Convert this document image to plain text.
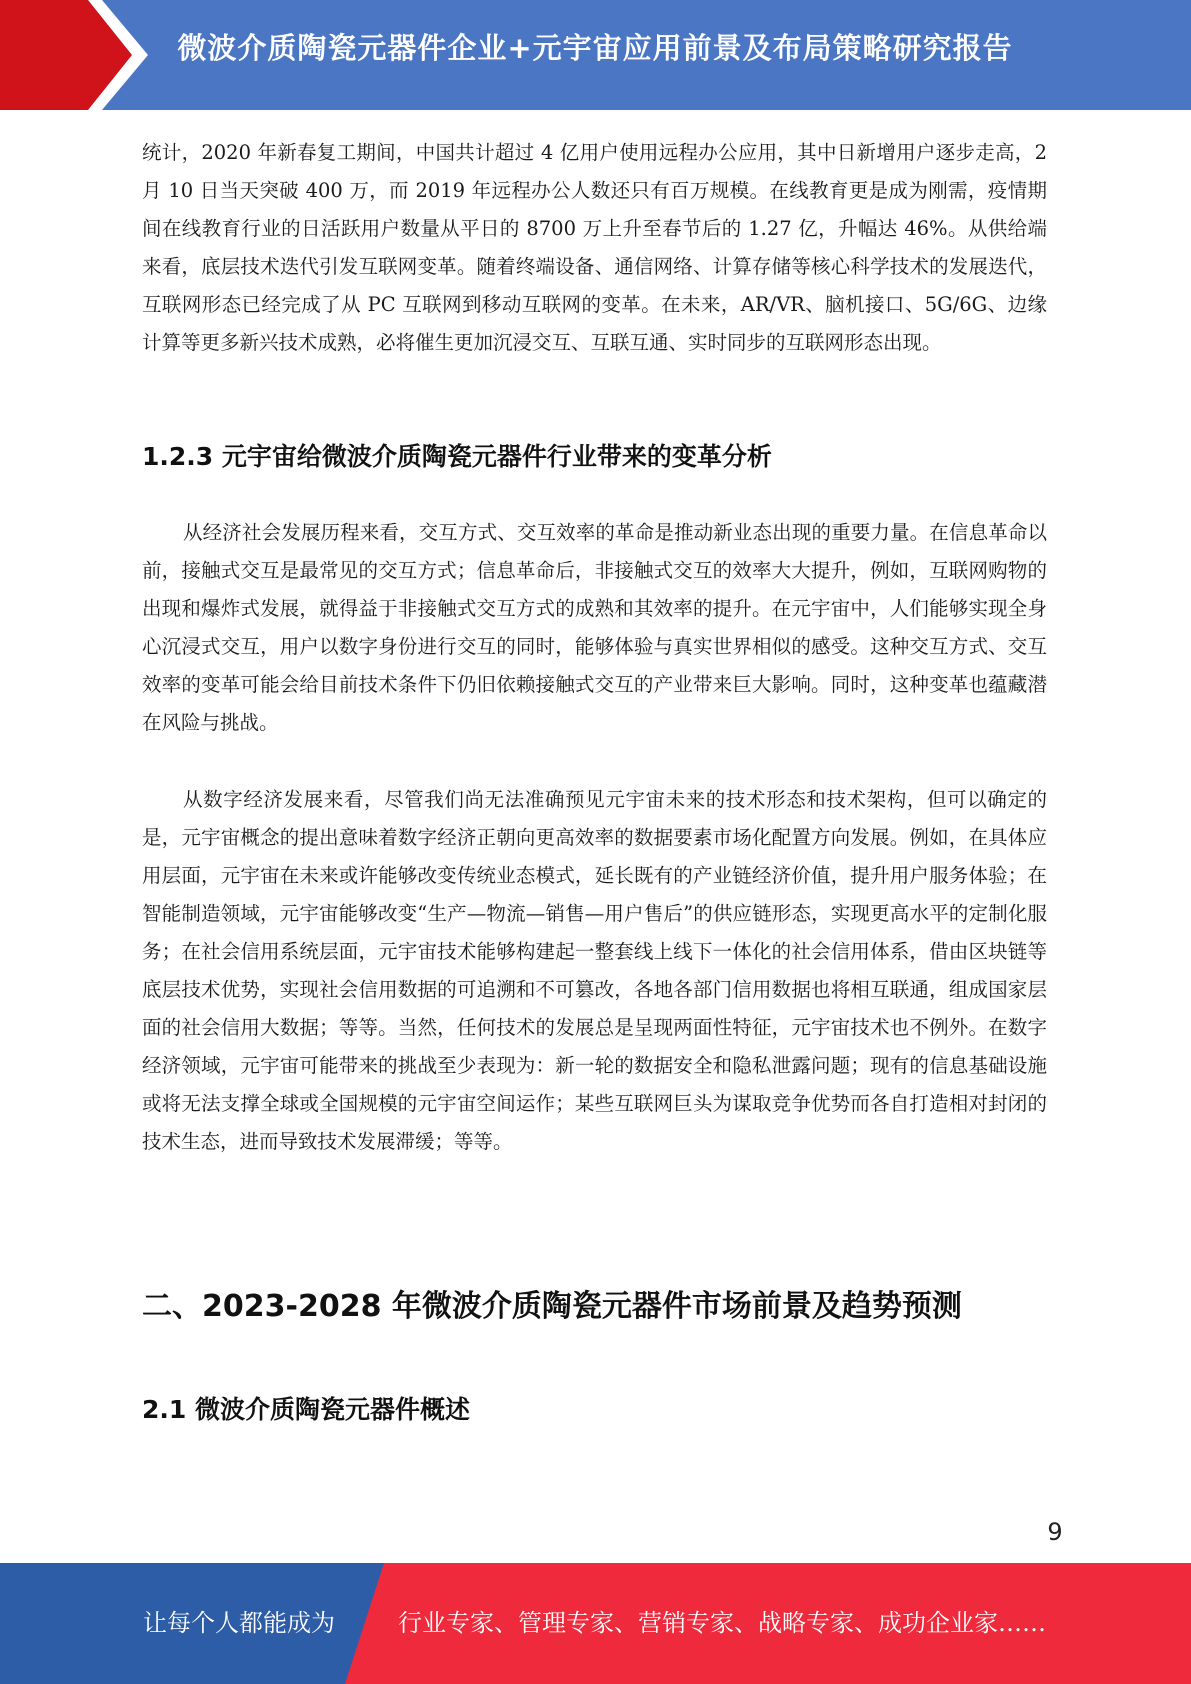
微波介质陶瓷元器件企业+元宇宙应用前景及布局策略研究报告

统计，2020 年新春复工期间，中国共计超过 4 亿用户使用远程办公应用，其中日新增用户逐步走高，2 月 10 日当天突破 400 万，而 2019 年远程办公人数还只有百万规模。在线教育更是成为刚需，疫情期间在线教育行业的日活跃用户数量从平日的 8700 万上升至春节后的 1.27 亿，升幅达 46%。从供给端来看，底层技术迭代引发互联网变革。随着终端设备、通信网络、计算存储等核心科学技术的发展迭代，互联网形态已经完成了从 PC 互联网到移动互联网的变革。在未来，AR/VR、脑机接口、5G/6G、边缘计算等更多新兴技术成熟，必将催生更加沉浸交互、互联互通、实时同步的互联网形态出现。

1.2.3 元宇宙给微波介质陶瓷元器件行业带来的变革分析

从经济社会发展历程来看，交互方式、交互效率的革命是推动新业态出现的重要力量。在信息革命以前，接触式交互是最常见的交互方式；信息革命后，非接触式交互的效率大大提升，例如，互联网购物的出现和爆炸式发展，就得益于非接触式交互方式的成熟和其效率的提升。在元宇宙中，人们能够实现全身心沉浸式交互，用户以数字身份进行交互的同时，能够体验与真实世界相似的感受。这种交互方式、交互效率的变革可能会给目前技术条件下仍旧依赖接触式交互的产业带来巨大影响。同时，这种变革也蕴藏潜在风险与挑战。

从数字经济发展来看，尽管我们尚无法准确预见元宇宙未来的技术形态和技术架构，但可以确定的是，元宇宙概念的提出意味着数字经济正朝向更高效率的数据要素市场化配置方向发展。例如，在具体应用层面，元宇宙在未来或许能够改变传统业态模式，延长既有的产业链经济价值，提升用户服务体验；在智能制造领域，元宇宙能够改变“生产—物流—销售—用户售后”的供应链形态，实现更高水平的定制化服务；在社会信用系统层面，元宇宙技术能够构建起一整套线上线下一体化的社会信用体系，借由区块链等底层技术优势，实现社会信用数据的可追溯和不可篡改，各地各部门信用数据也将相互联通，组成国家层面的社会信用大数据；等等。当然，任何技术的发展总是呈现两面性特征，元宇宙技术也不例外。在数字经济领域，元宇宙可能带来的挑战至少表现为：新一轮的数据安全和隐私泄露问题；现有的信息基础设施或将无法支撑全球或全国规模的元宇宙空间运作；某些互联网巨头为谋取竞争优势而各自打造相对封闭的技术生态，进而导致技术发展滞缓；等等。

二、2023-2028 年微波介质陶瓷元器件市场前景及趋势预测
2.1 微波介质陶瓷元器件概述
9
让每个人都能成为	行业专家、管理专家、营销专家、战略专家、成功企业家……
